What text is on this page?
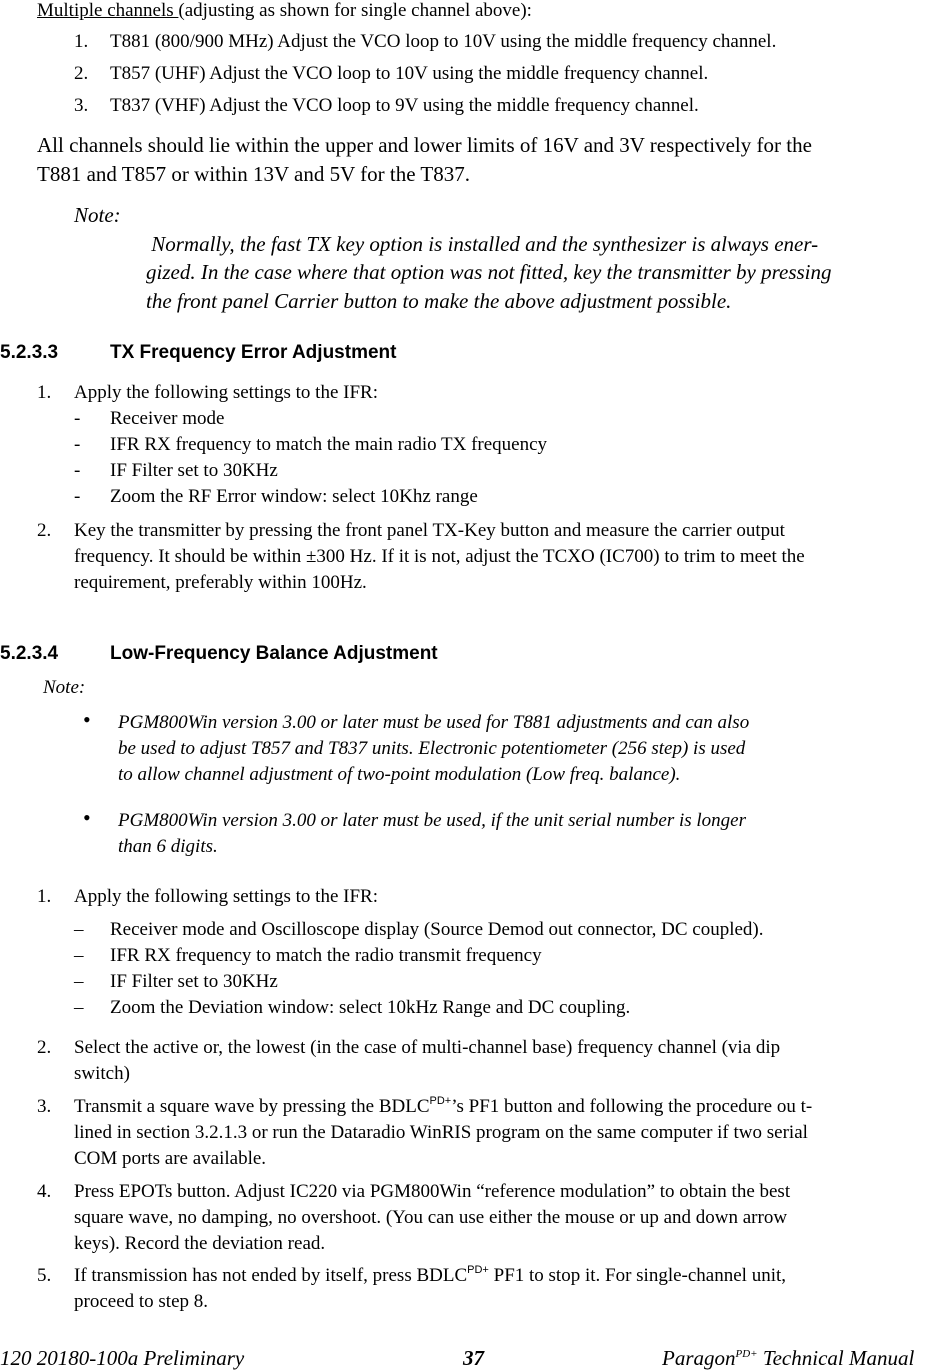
Multiple channels (adjusting as shown for single channel above):
1. T881 (800/900 MHz) Adjust the VCO loop to 10V using the middle frequency channel.
2. T857 (UHF) Adjust the VCO loop to 10V using the middle frequency channel.
3. T837 (VHF) Adjust the VCO loop to 9V using the middle frequency channel.
All channels should lie within the upper and lower limits of 16V and 3V respectively for the
T881 and T857 or within 13V and 5V for the T837.
Note:
Normally, the fast TX key option is installed and the synthesizer is always ener-
gized. In the case where that option was not fitted, key the transmitter by pressing
the front panel Carrier button to make the above adjustment possible.
5.2.3.3	TX Frequency Error Adjustment
1. Apply the following settings to the IFR:
- Receiver mode
- IFR RX frequency to match the main radio TX frequency
- IF Filter set to 30KHz
- Zoom the RF Error window: select 10Khz range
2. Key the transmitter by pressing the front panel TX-Key button and measure the carrier output
frequency. It should be within ±300 Hz. If it is not, adjust the TCXO (IC700) to trim to meet the
requirement, preferably within 100Hz.
5.2.3.4	Low-Frequency Balance Adjustment
Note:
• PGM800Win version 3.00 or later must be used for T881 adjustments and can also
be used to adjust T857 and T837 units. Electronic potentiometer (256 step) is used
to allow channel adjustment of two-point modulation (Low freq. balance).
• PGM800Win version 3.00 or later must be used, if the unit serial number is longer
than 6 digits.
1. Apply the following settings to the IFR:
– Receiver mode and Oscilloscope display (Source Demod out connector, DC coupled).
– IFR RX frequency to match the radio transmit frequency
– IF Filter set to 30KHz
– Zoom the Deviation window: select 10kHz Range and DC coupling.
2. Select the active or, the lowest (in the case of multi-channel base) frequency channel (via dip
switch)
3. Transmit a square wave by pressing the $BDLC^{PD+}’s$ PF1 button and following the procedure ou t-
lined in section 3.2.1.3 or run the Dataradio WinRIS program on the same computer if two serial
COM ports are available.
4. Press EPOTs button. Adjust IC220 via PGM800Win “reference modulation” to obtain the best
square wave, no damping, no overshoot. (You can use either the mouse or up and down arrow
keys). Record the deviation read.
5. If transmission has not ended by itself, press $BDLC^{PD+}$ PF1 to stop it. For single-channel unit,
proceed to step 8.
120 20180-100a Preliminary	37	Paragon$^{PD+}$ Technical Manual
